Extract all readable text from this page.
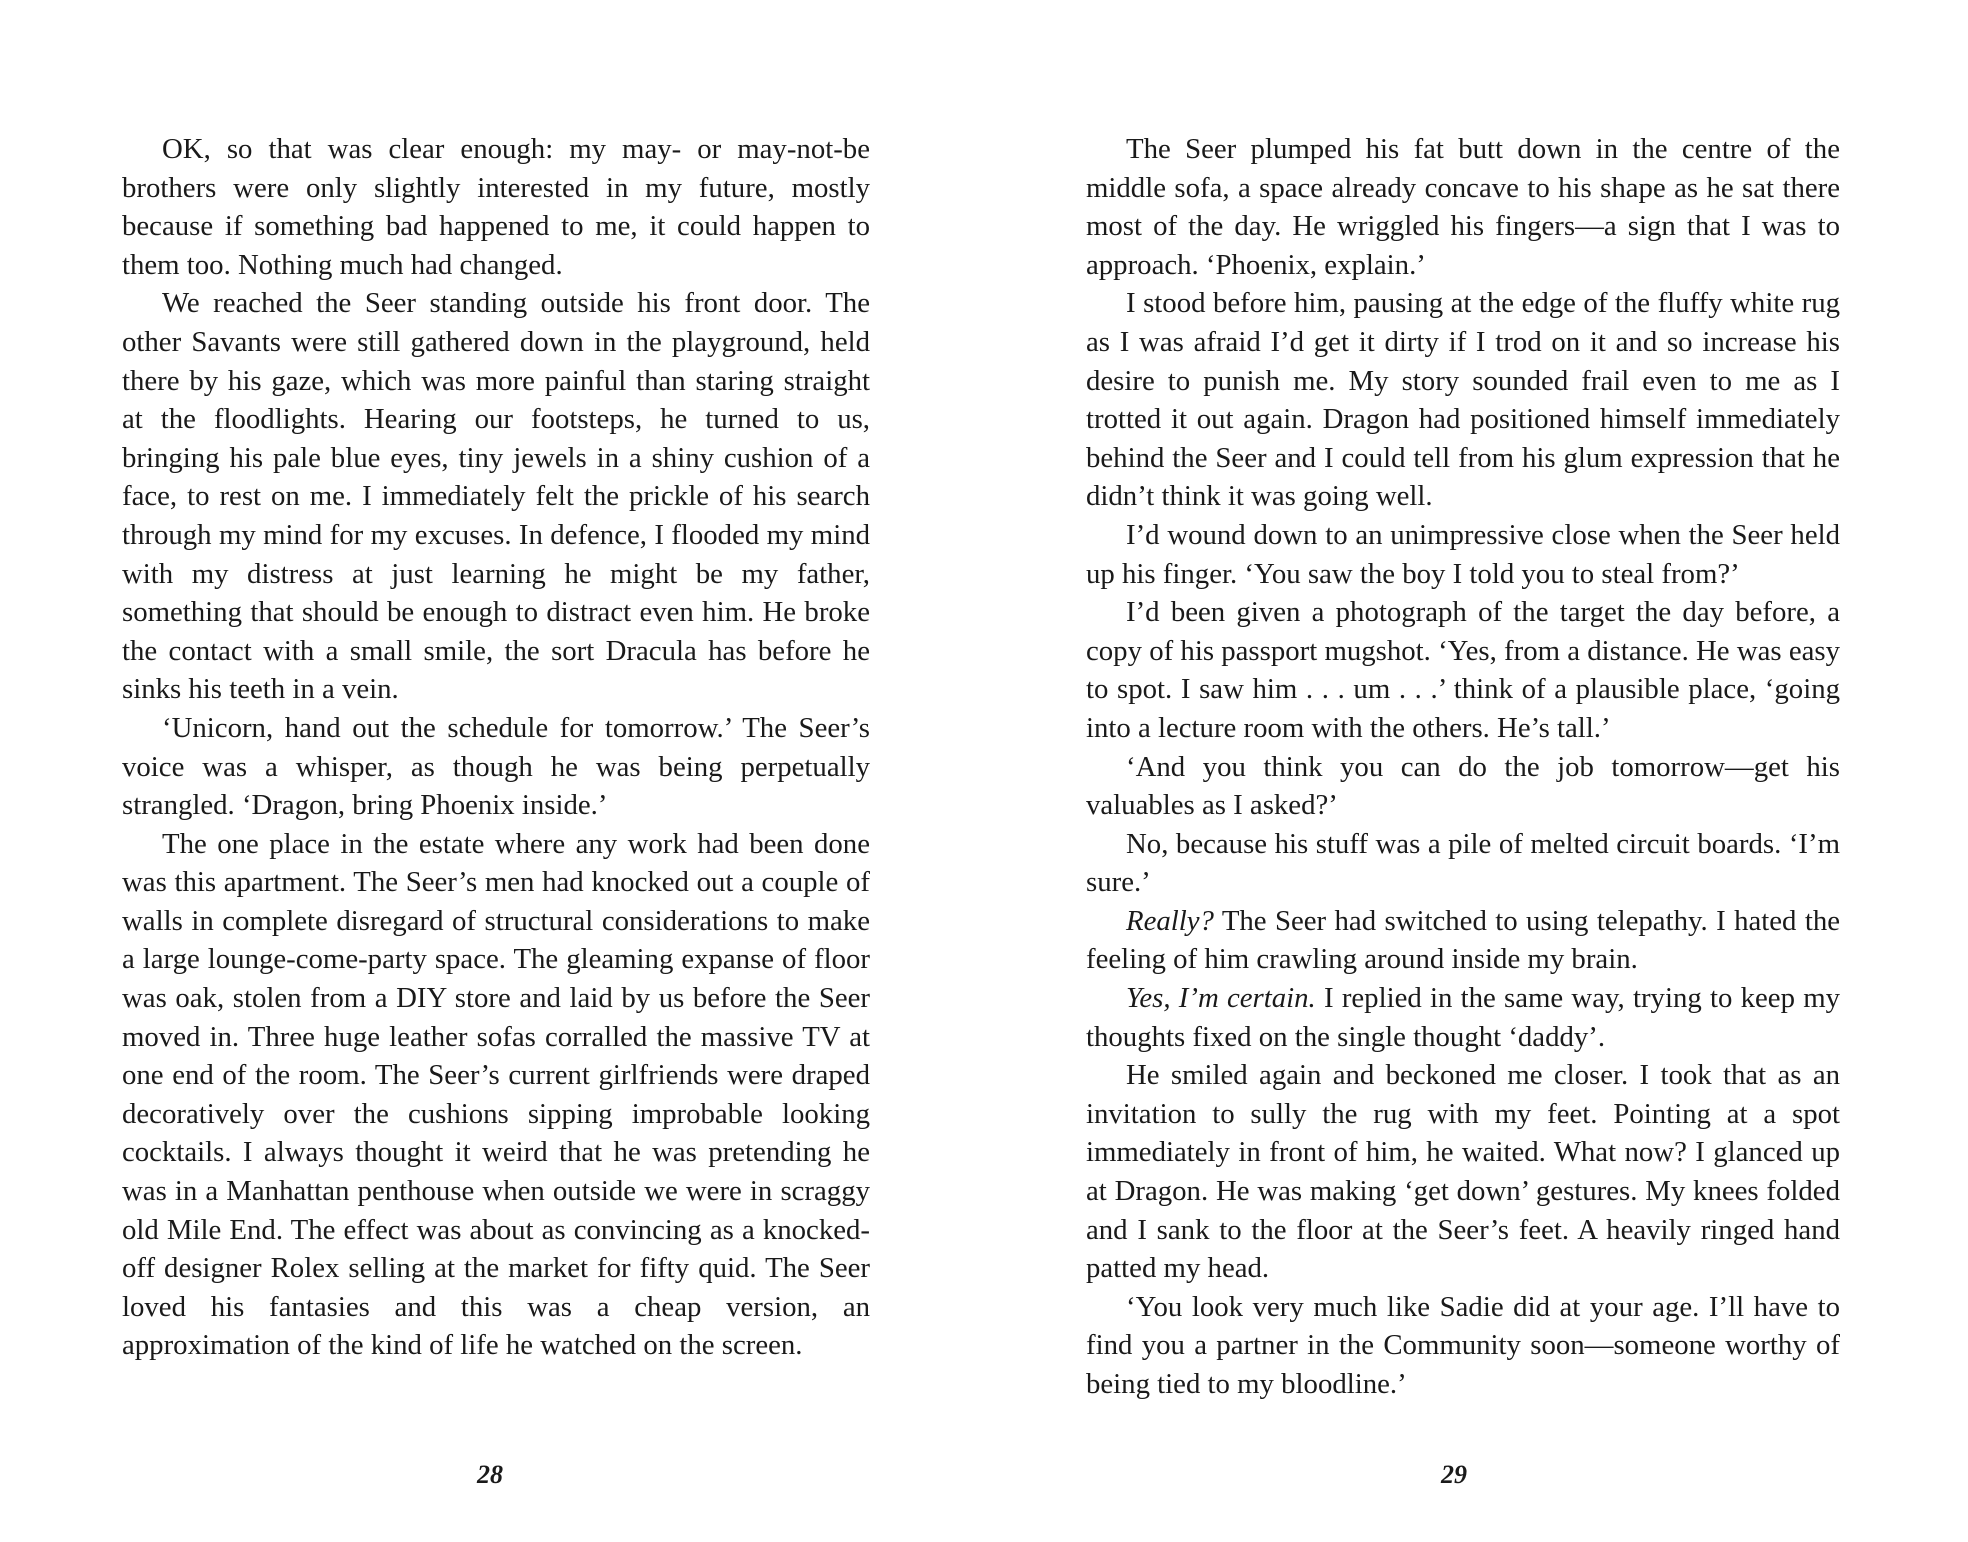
OK, so that was clear enough: my may- or may-not-be brothers were only slightly interested in my future, mostly because if something bad happened to me, it could happen to them too. Nothing much had changed.

We reached the Seer standing outside his front door. The other Savants were still gathered down in the playground, held there by his gaze, which was more painful than staring straight at the floodlights. Hearing our footsteps, he turned to us, bringing his pale blue eyes, tiny jewels in a shiny cushion of a face, to rest on me. I immediately felt the prickle of his search through my mind for my excuses. In defence, I flooded my mind with my distress at just learning he might be my father, something that should be enough to distract even him. He broke the contact with a small smile, the sort Dracula has before he sinks his teeth in a vein.

‘Unicorn, hand out the schedule for tomorrow.’ The Seer’s voice was a whisper, as though he was being perpetually strangled. ‘Dragon, bring Phoenix inside.’

The one place in the estate where any work had been done was this apartment. The Seer’s men had knocked out a couple of walls in complete disregard of structural considerations to make a large lounge-come-party space. The gleaming expanse of floor was oak, stolen from a DIY store and laid by us before the Seer moved in. Three huge leather sofas corralled the massive TV at one end of the room. The Seer’s current girlfriends were draped decoratively over the cushions sipping improbable looking cocktails. I always thought it weird that he was pretending he was in a Manhattan penthouse when outside we were in scraggy old Mile End. The effect was about as convincing as a knocked-off designer Rolex selling at the market for fifty quid. The Seer loved his fantasies and this was a cheap version, an approximation of the kind of life he watched on the screen.

28

The Seer plumped his fat butt down in the centre of the middle sofa, a space already concave to his shape as he sat there most of the day. He wriggled his fingers—a sign that I was to approach. ‘Phoenix, explain.’

I stood before him, pausing at the edge of the fluffy white rug as I was afraid I’d get it dirty if I trod on it and so increase his desire to punish me. My story sounded frail even to me as I trotted it out again. Dragon had positioned himself immediately behind the Seer and I could tell from his glum expression that he didn’t think it was going well.

I’d wound down to an unimpressive close when the Seer held up his finger. ‘You saw the boy I told you to steal from?’

I’d been given a photograph of the target the day before, a copy of his passport mugshot. ‘Yes, from a distance. He was easy to spot. I saw him . . . um . . .’ think of a plausible place, ‘going into a lecture room with the others. He’s tall.’

‘And you think you can do the job tomorrow—get his valuables as I asked?’

No, because his stuff was a pile of melted circuit boards. ‘I’m sure.’

Really? The Seer had switched to using telepathy. I hated the feeling of him crawling around inside my brain.

Yes, I’m certain. I replied in the same way, trying to keep my thoughts fixed on the single thought ‘daddy’.

He smiled again and beckoned me closer. I took that as an invitation to sully the rug with my feet. Pointing at a spot immediately in front of him, he waited. What now? I glanced up at Dragon. He was making ‘get down’ gestures. My knees folded and I sank to the floor at the Seer’s feet. A heavily ringed hand patted my head.

‘You look very much like Sadie did at your age. I’ll have to find you a partner in the Community soon—someone worthy of being tied to my bloodline.’

29
